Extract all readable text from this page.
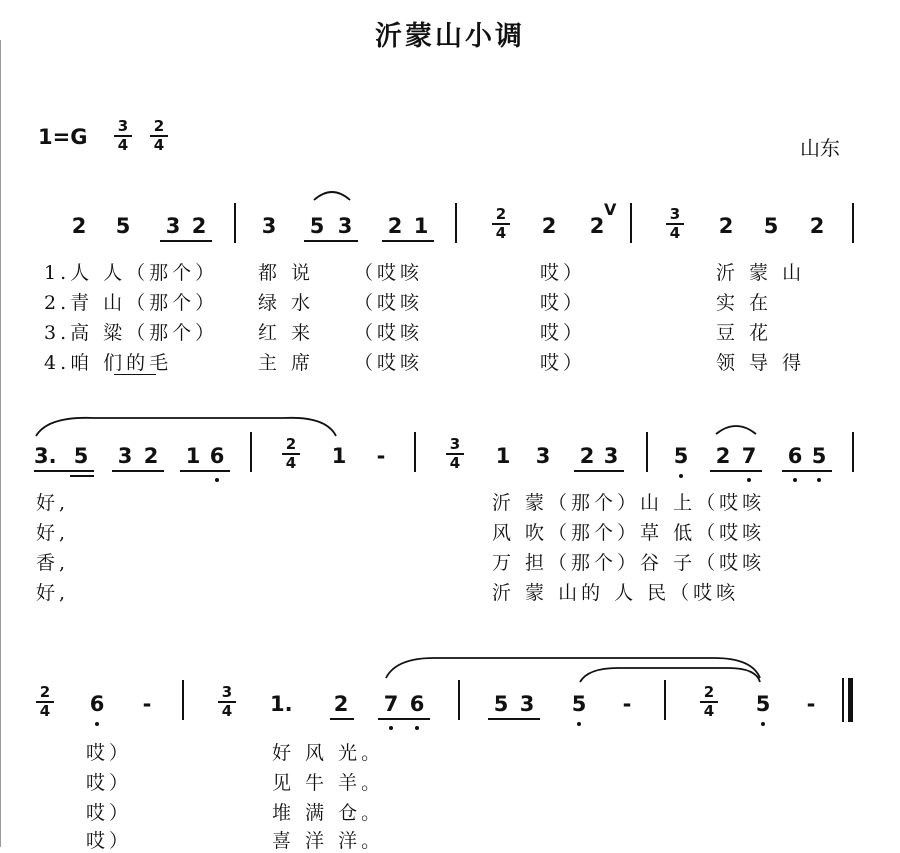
沂蒙山小调
$1=G \frac{3}{4} \frac{2}{4}$	山东
2 5 3 2	3 5 3 2 1	$\frac{2}{4} 2$ 2
V	$\frac{3}{4} 2$ 5 2
1.人 人（那个） 都 说 （哎咳	哎）	沂 蒙 山
2.青 山（那个） 绿 水 （哎咳	哎）	实 在
3.高 粱（那个） 红 来 （哎咳	哎）	豆 花
4.咱 们的毛	主 席 （哎咳	哎）	领 导 得
3. 5 3 2 1 6	$\frac{2}{4} 1$	-	$\frac{3}{4} 1$ 3 2 3	5 2 7 6 5
好,	沂 蒙（那个）山 上（哎咳
好,	风 吹（那个）草 低（哎咳
香,	万 担（那个）谷 子（哎咳
好,	沂 蒙 山的 人 民（哎咳
$\frac{2}{4} 6$	-	$\frac{3}{4} 1$. 2 7 6	5 3 5	-	$\frac{2}{4} 5$	-
哎）	好 风 光。
哎）	见 牛 羊。
哎）	堆 满 仓。
哎）	喜 洋 洋。
